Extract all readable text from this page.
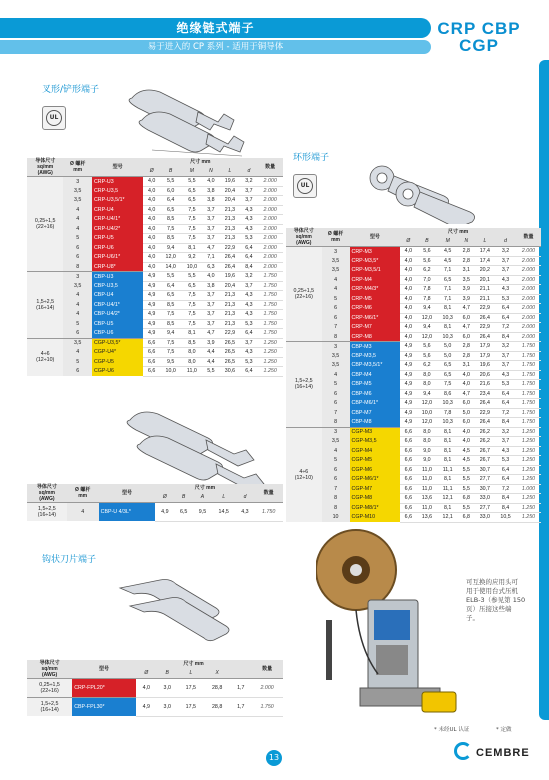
绝缘链式端子
易于进入的 CP 系列 - 适用于铜导体
CRP CBP
CGP
叉形/铲形端子
UL
导体尺寸
sq/mm
(AWG)	Ø 螺杆
mm	型号	尺寸 mm						数量
			Ø	B	M	N	L	d	
0,25÷1,5
(22÷16)	3	CRP-U3	4,0	5,5	5,5	4,0	19,6	3,2	2.000
	3,5	CRP-U3,5	4,0	6,0	6,5	3,8	20,4	3,7	2.000
	3,5	CRP-U3,5/1*	4,0	6,4	6,5	3,8	20,4	3,7	2.000
	4	CRP-U4	4,0	6,5	7,5	3,7	21,3	4,3	2.000
	4	CRP-U4/1*	4,0	8,5	7,5	3,7	21,3	4,3	2.000
	4	CRP-U4/2*	4,0	7,5	7,5	3,7	21,3	4,3	2.000
	5	CRP-U5	4,0	8,5	7,5	3,7	21,3	5,3	2.000
	6	CRP-U6	4,0	9,4	8,1	4,7	22,9	6,4	2.000
	6	CRP-U6/1*	4,0	12,0	9,2	7,1	26,4	6,4	2.000
	8	CRP-U8*	4,0	14,0	10,0	6,3	26,4	8,4	2.000
1,5÷2,5
(16÷14)	3	CBP-U3	4,9	5,5	5,5	4,0	19,6	3,2	1.750
	3,5	CBP-U3,5	4,9	6,4	6,5	3,8	20,4	3,7	1.750
	4	CBP-U4	4,9	6,5	7,5	3,7	21,3	4,3	1.750
	4	CBP-U4/1*	4,9	8,5	7,5	3,7	21,3	4,3	1.750
	4	CBP-U4/2*	4,9	7,5	7,5	3,7	21,3	4,3	1.750
	5	CBP-U5	4,9	8,5	7,5	3,7	21,3	5,3	1.750
	6	CBP-U6	4,9	9,4	8,1	4,7	22,9	6,4	1.750
4÷6
(12÷10)	3,5	CGP-U3,5*	6,6	7,5	8,5	3,9	26,5	3,7	1.250
	4	CGP-U4*	6,6	7,5	8,0	4,4	26,5	4,3	1.250
	5	CGP-U5	6,6	9,5	8,0	4,4	26,5	5,3	1.250
	6	CGP-U6	6,6	10,0	11,0	5,5	30,6	6,4	1.250
环形端子
UL
导体尺寸
sq/mm
(AWG)	Ø 螺杆
mm	型号	尺寸 mm						数量
			Ø	B	M	N	L	d	
0,25÷1,5
(22÷16)	3	CRP-M3	4,0	5,6	4,5	2,8	17,4	3,2	2.000
	3,5	CRP-M3,5*	4,0	5,6	4,5	2,8	17,4	3,7	2.000
	3,5	CRP-M3,5/1	4,0	6,2	7,1	3,1	20,2	3,7	2.000
	4	CRP-M4	4,0	7,0	6,5	3,5	20,1	4,3	2.000
	4	CRP-M4/3*	4,0	7,8	7,1	3,9	21,1	4,3	2.000
	5	CRP-M5	4,0	7,8	7,1	3,9	21,1	5,3	2.000
	6	CRP-M6	4,0	9,4	8,1	4,7	22,9	6,4	2.000
	6	CRP-M6/1*	4,0	12,0	10,3	6,0	26,4	6,4	2.000
	7	CRP-M7	4,0	9,4	8,1	4,7	22,9	7,2	2.000
	8	CRP-M8	4,0	12,0	10,3	6,0	26,4	8,4	2.000
1,5÷2,5
(16÷14)	3	CBP-M3	4,9	5,6	5,0	2,8	17,9	3,2	1.750
	3,5	CBP-M3,5	4,9	5,6	5,0	2,8	17,9	3,7	1.750
	3,5	CBP-M3,5/1*	4,9	6,2	6,5	3,1	19,6	3,7	1.750
	4	CBP-M4	4,9	8,0	6,5	4,0	20,6	4,3	1.750
	5	CBP-M5	4,9	8,0	7,5	4,0	21,6	5,3	1.750
	6	CBP-M6	4,9	9,4	8,6	4,7	23,4	6,4	1.750
	6	CBP-M6/1*	4,9	12,0	10,3	6,0	26,4	6,4	1.750
	7	CBP-M7	4,9	10,0	7,8	5,0	22,9	7,2	1.750
	8	CBP-M8	4,9	12,0	10,3	6,0	26,4	8,4	1.750
4÷6
(12÷10)	3	CGP-M3	6,6	8,0	8,1	4,0	26,2	3,2	1.250
	3,5	CGP-M3,5	6,6	8,0	8,1	4,0	26,2	3,7	1.250
	4	CGP-M4	6,6	9,0	8,1	4,5	26,7	4,3	1.250
	5	CGP-M5	6,6	9,0	8,1	4,5	26,7	5,3	1.250
	6	CGP-M6	6,6	11,0	11,1	5,5	30,7	6,4	1.250
	6	CGP-M6/1*	6,6	11,0	8,1	5,5	27,7	6,4	1.250
	7	CGP-M7	6,6	11,0	11,1	5,5	30,7	7,2	1.000
	8	CGP-M8	6,6	13,6	12,1	6,8	33,0	8,4	1.250
	8	CGP-M8/1*	6,6	11,0	8,1	5,5	27,7	8,4	1.250
	10	CGP-M10	6,6	13,6	12,1	6,8	33,0	10,5	1.250
导体尺寸
sq/mm
(AWG)	Ø 螺杆
mm	型号	尺寸 mm					数量
			Ø	B	A	L	d	
1,5÷2,5
(16÷14)	4	CBP-U 4/3L*	4,9	6,5	9,5	14,5	4,3	1.750
钩状刀片端子
导体尺寸
sq/mm
(AWG)	型号	尺寸 mm					数量
		Ø	B	L	X		
0,25÷1,5
(22÷16)	CRP-FPL20*	4,0	3,0	17,5	28,8	1,7	2.000
1,5÷2,5
(16÷14)	CBP-FPL30*	4,9	3,0	17,5	28,8	1,7	1.750
可互换的应用头可
用于使用台式压机
ELB-3（参见第 150
页）压接这些端
子。
* 未经UL 认证	* 定做
13	CEMBRE
